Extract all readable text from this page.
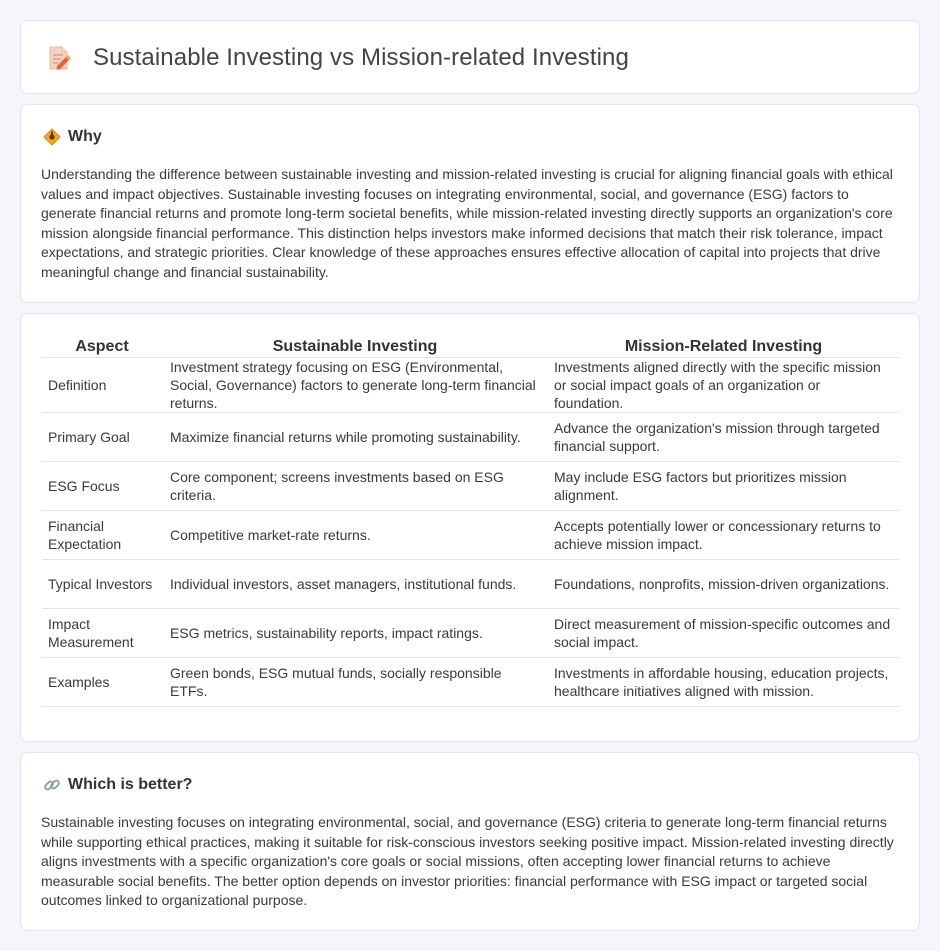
Sustainable Investing vs Mission-related Investing
Why

Understanding the difference between sustainable investing and mission-related investing is crucial for aligning financial goals with ethical values and impact objectives. Sustainable investing focuses on integrating environmental, social, and governance (ESG) factors to generate financial returns and promote long-term societal benefits, while mission-related investing directly supports an organization's core mission alongside financial performance. This distinction helps investors make informed decisions that match their risk tolerance, impact expectations, and strategic priorities. Clear knowledge of these approaches ensures effective allocation of capital into projects that drive meaningful change and financial sustainability.

Aspect	Sustainable Investing	Mission-Related Investing
Definition	Investment strategy focusing on ESG (Environmental, Social, Governance) factors to generate long-term financial returns.	Investments aligned directly with the specific mission or social impact goals of an organization or foundation.
Primary Goal	Maximize financial returns while promoting sustainability.	Advance the organization's mission through targeted financial support.
ESG Focus	Core component; screens investments based on ESG criteria.	May include ESG factors but prioritizes mission alignment.
Financial Expectation	Competitive market-rate returns.	Accepts potentially lower or concessionary returns to achieve mission impact.
Typical Investors	Individual investors, asset managers, institutional funds.	Foundations, nonprofits, mission-driven organizations.
Impact Measurement	ESG metrics, sustainability reports, impact ratings.	Direct measurement of mission-specific outcomes and social impact.
Examples	Green bonds, ESG mutual funds, socially responsible ETFs.	Investments in affordable housing, education projects, healthcare initiatives aligned with mission.
Which is better?

Sustainable investing focuses on integrating environmental, social, and governance (ESG) criteria to generate long-term financial returns while supporting ethical practices, making it suitable for risk-conscious investors seeking positive impact. Mission-related investing directly aligns investments with a specific organization's core goals or social missions, often accepting lower financial returns to achieve measurable social benefits. The better option depends on investor priorities: financial performance with ESG impact or targeted social outcomes linked to organizational purpose.
